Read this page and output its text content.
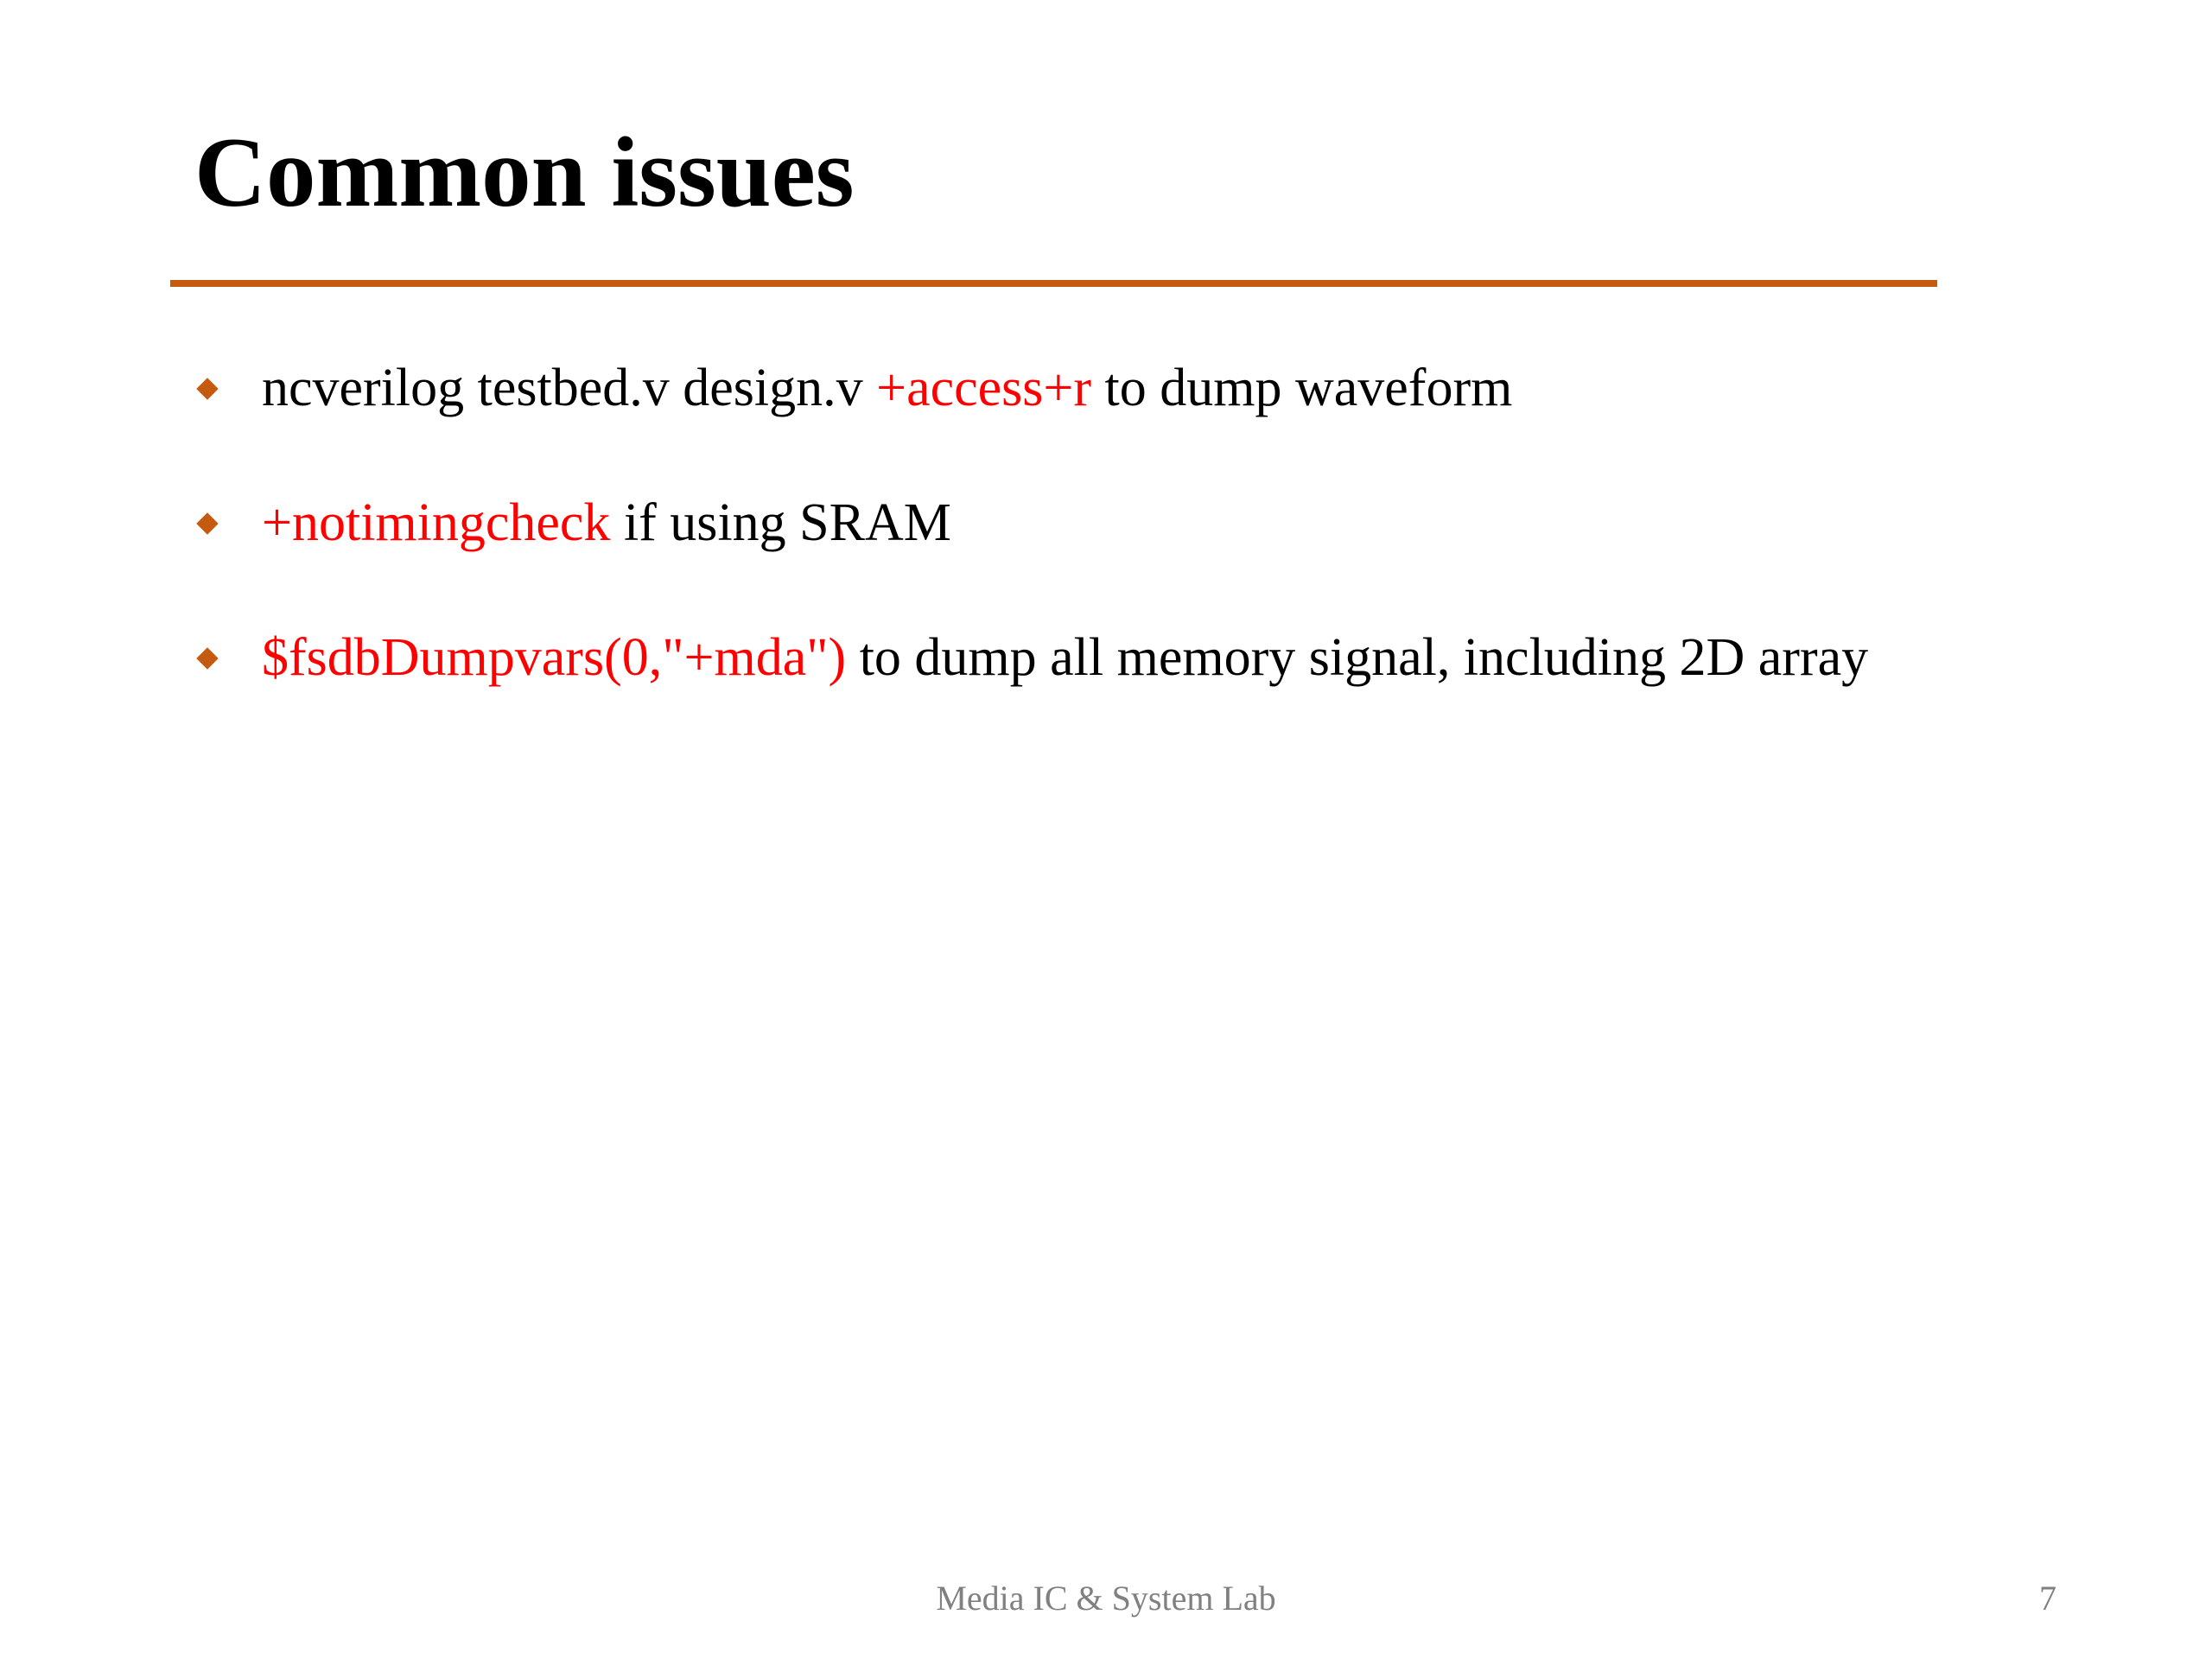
Common issues
ncverilog testbed.v design.v +access+r to dump waveform
+notimingcheck if using SRAM
$fsdbDumpvars(0,"+mda") to dump all memory signal, including 2D array
Media IC & System Lab	7
